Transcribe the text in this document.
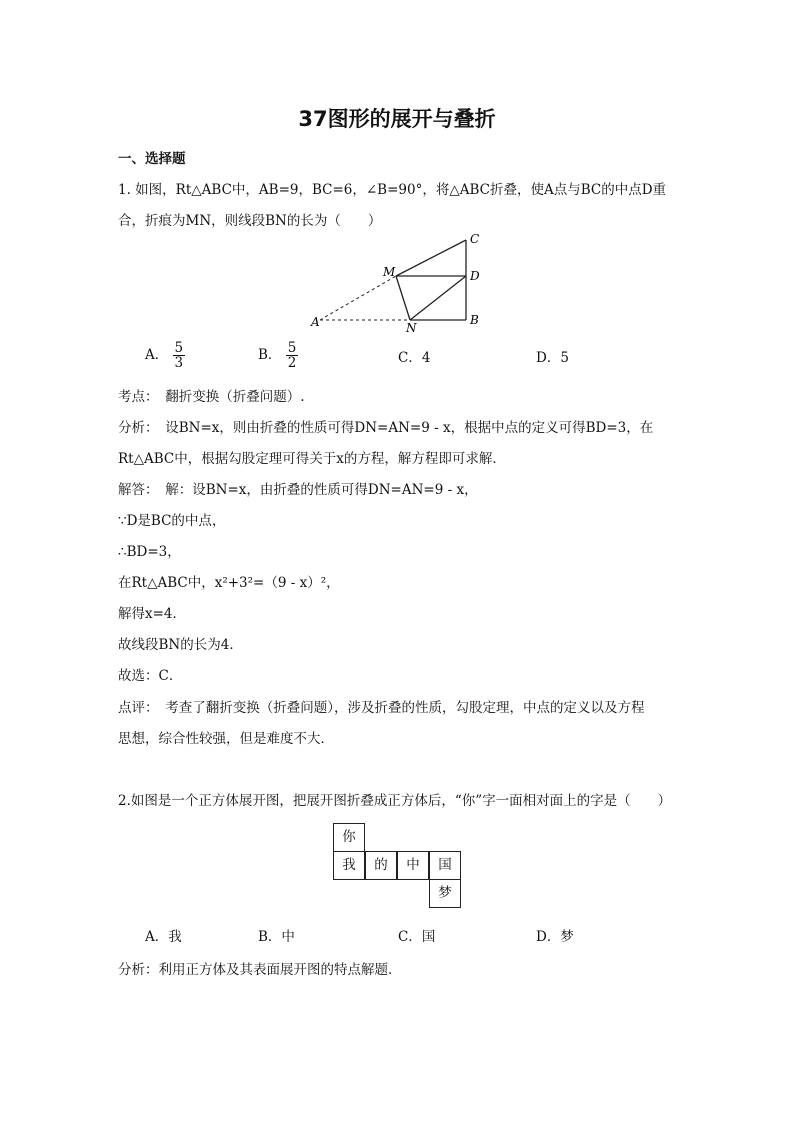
37图形的展开与叠折
一、选择题
1. 如图，Rt△ABC中，AB=9，BC=6，∠B=90°，将△ABC折叠，使A点与BC的中点D重
合，折痕为MN，则线段BN的长为（　　）
C
D
B
M
N
A
A． $\frac{5}{3}$	B． $\frac{5}{2}$	C．4	D．5
考点：　翻折变换（折叠问题）.
分析：　设BN=x，则由折叠的性质可得DN=AN=9 - x，根据中点的定义可得BD=3，在
Rt△ABC中，根据勾股定理可得关于x的方程，解方程即可求解．
解答：　解：设BN=x，由折叠的性质可得DN=AN=9 - x，
∵D是BC的中点，
∴BD=3，
在Rt△ABC中，x²+3²=（9 - x）²，
解得x=4．
故线段BN的长为4．
故选：C．
点评：　考查了翻折变换（折叠问题），涉及折叠的性质，勾股定理，中点的定义以及方程
思想，综合性较强，但是难度不大．
2.如图是一个正方体展开图，把展开图折叠成正方体后，“你”字一面相对面上的字是（　　）
你
我	的	中	国
梦
A．我	B．中	C．国	D．梦
分析：利用正方体及其表面展开图的特点解题．
